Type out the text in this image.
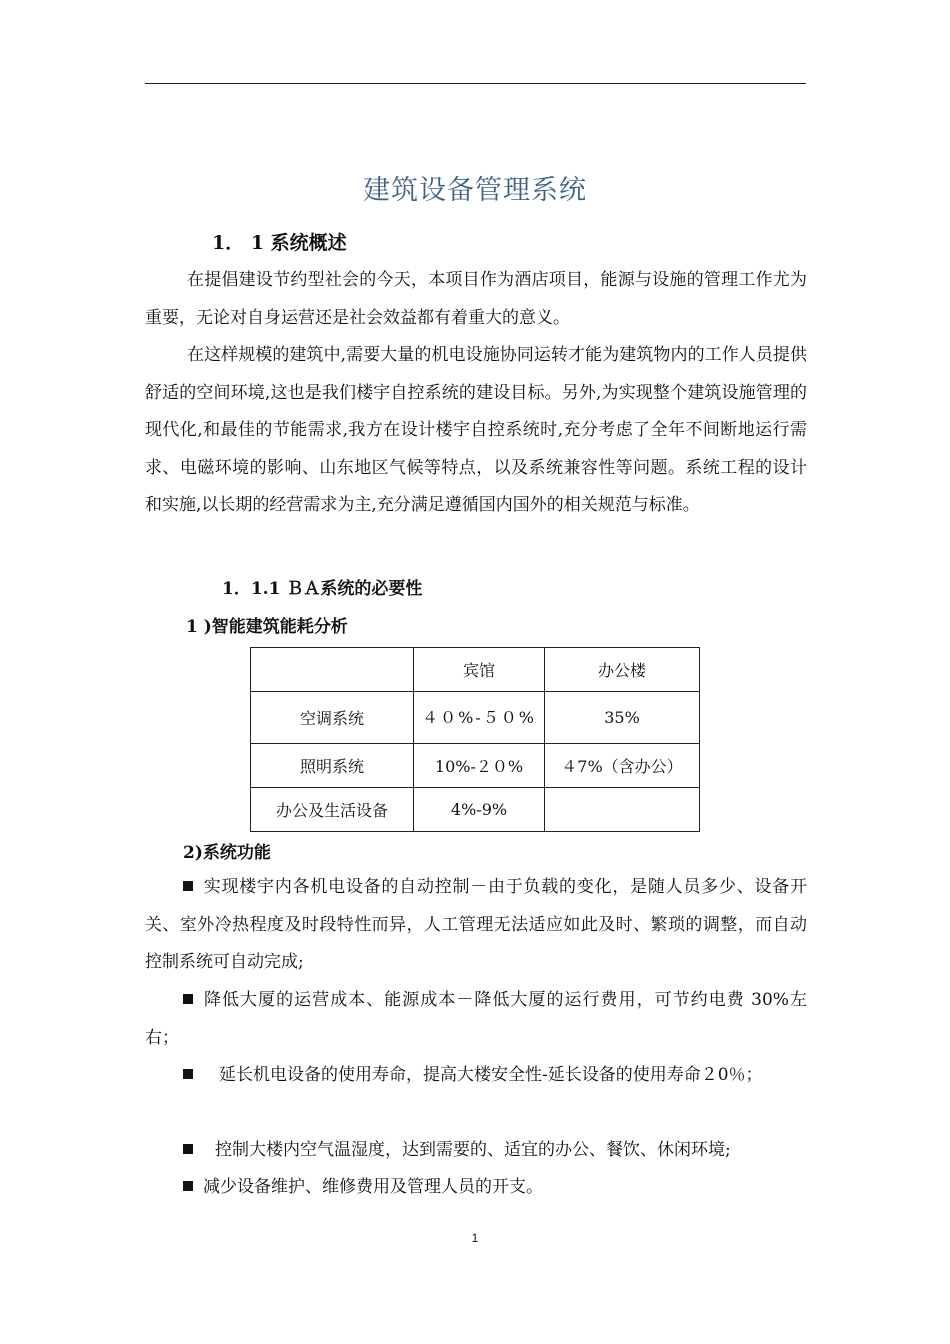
建筑设备管理系统
1． 1 系统概述
在提倡建设节约型社会的今天，本项目作为酒店项目，能源与设施的管理工作尤为重要，无论对自身运营还是社会效益都有着重大的意义。
在这样规模的建筑中,需要大量的机电设施协同运转才能为建筑物内的工作人员提供舒适的空间环境,这也是我们楼宇自控系统的建设目标。另外,为实现整个建筑设施管理的现代化,和最佳的节能需求,我方在设计楼宇自控系统时,充分考虑了全年不间断地运行需求、电磁环境的影响、山东地区气候等特点，以及系统兼容性等问题。系统工程的设计和实施,以长期的经营需求为主,充分满足遵循国内国外的相关规范与标准。
1．1.1 ＢＡ系统的必要性
1 )智能建筑能耗分析
	宾馆	办公楼
空调系统	４０%-５０%	35%
照明系统	10%-２０%	４7%（含办公）
办公及生活设备	4%-9%	
2)系统功能
实现楼宇内各机电设备的自动控制－由于负载的变化，是随人员多少、设备开关、室外冷热程度及时段特性而异，人工管理无法适应如此及时、繁琐的调整，而自动控制系统可自动完成;
降低大厦的运营成本、能源成本－降低大厦的运行费用，可节约电费 30%左右；
延长机电设备的使用寿命，提高大楼安全性-延长设备的使用寿命２0％；
控制大楼内空气温湿度，达到需要的、适宜的办公、餐饮、休闲环境;
减少设备维护、维修费用及管理人员的开支。
1
